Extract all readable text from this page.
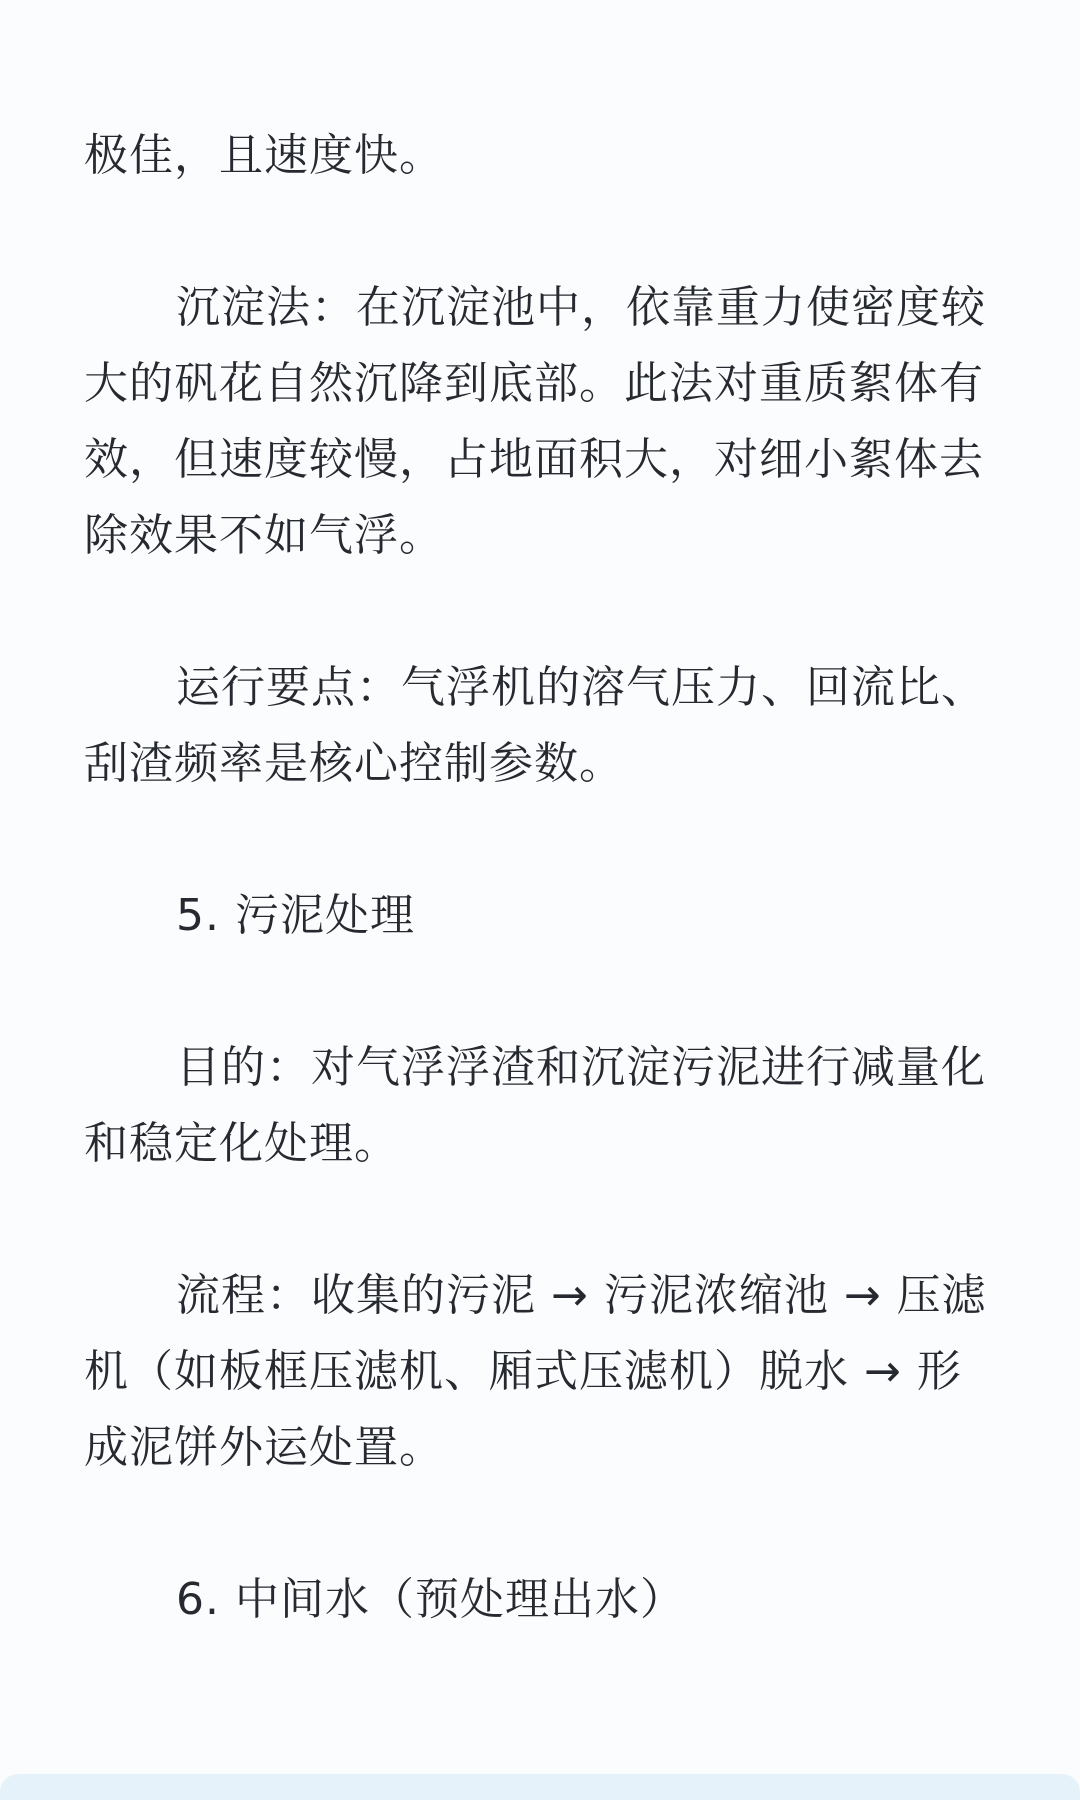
极佳，且速度快。

沉淀法：在沉淀池中，依靠重力使密度较大的矾花自然沉降到底部。此法对重质絮体有效，但速度较慢，占地面积大，对细小絮体去除效果不如气浮。

运行要点：气浮机的溶气压力、回流比、刮渣频率是核心控制参数。

5. 污泥处理

目的：对气浮浮渣和沉淀污泥进行减量化和稳定化处理。

流程：收集的污泥 → 污泥浓缩池 → 压滤机（如板框压滤机、厢式压滤机）脱水 → 形成泥饼外运处置。

6. 中间水（预处理出水）
